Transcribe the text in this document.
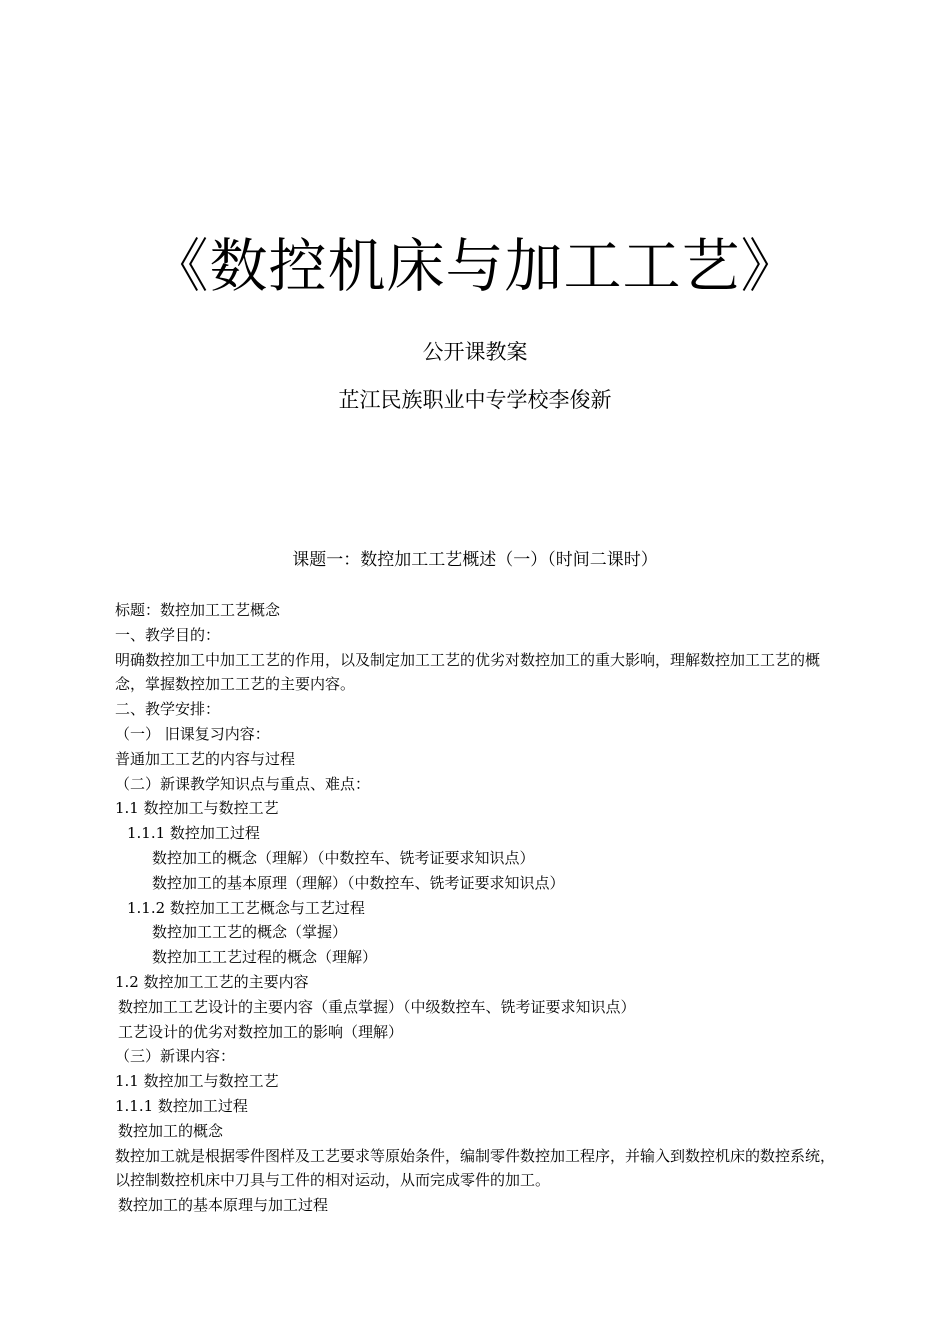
《数控机床与加工工艺》
公开课教案
芷江民族职业中专学校李俊新
课题一：数控加工工艺概述（一）（时间二课时）
标题：数控加工工艺概念
一、教学目的：
明确数控加工中加工工艺的作用，以及制定加工工艺的优劣对数控加工的重大影响，理解数控加工工艺的概念，掌握数控加工工艺的主要内容。
二、教学安排：
（一） 旧课复习内容：
普通加工工艺的内容与过程
（二）新课教学知识点与重点、难点：
1.1 数控加工与数控工艺
1.1.1 数控加工过程
数控加工的概念（理解）（中数控车、铣考证要求知识点）
数控加工的基本原理（理解）（中数控车、铣考证要求知识点）
1.1.2 数控加工工艺概念与工艺过程
数控加工工艺的概念（掌握）
数控加工工艺过程的概念（理解）
1.2 数控加工工艺的主要内容
数控加工工艺设计的主要内容（重点掌握）（中级数控车、铣考证要求知识点）
工艺设计的优劣对数控加工的影响（理解）
（三）新课内容：
1.1 数控加工与数控工艺
1.1.1 数控加工过程
数控加工的概念
数控加工就是根据零件图样及工艺要求等原始条件，编制零件数控加工程序，并输入到数控机床的数控系统，以控制数控机床中刀具与工件的相对运动，从而完成零件的加工。
数控加工的基本原理与加工过程
